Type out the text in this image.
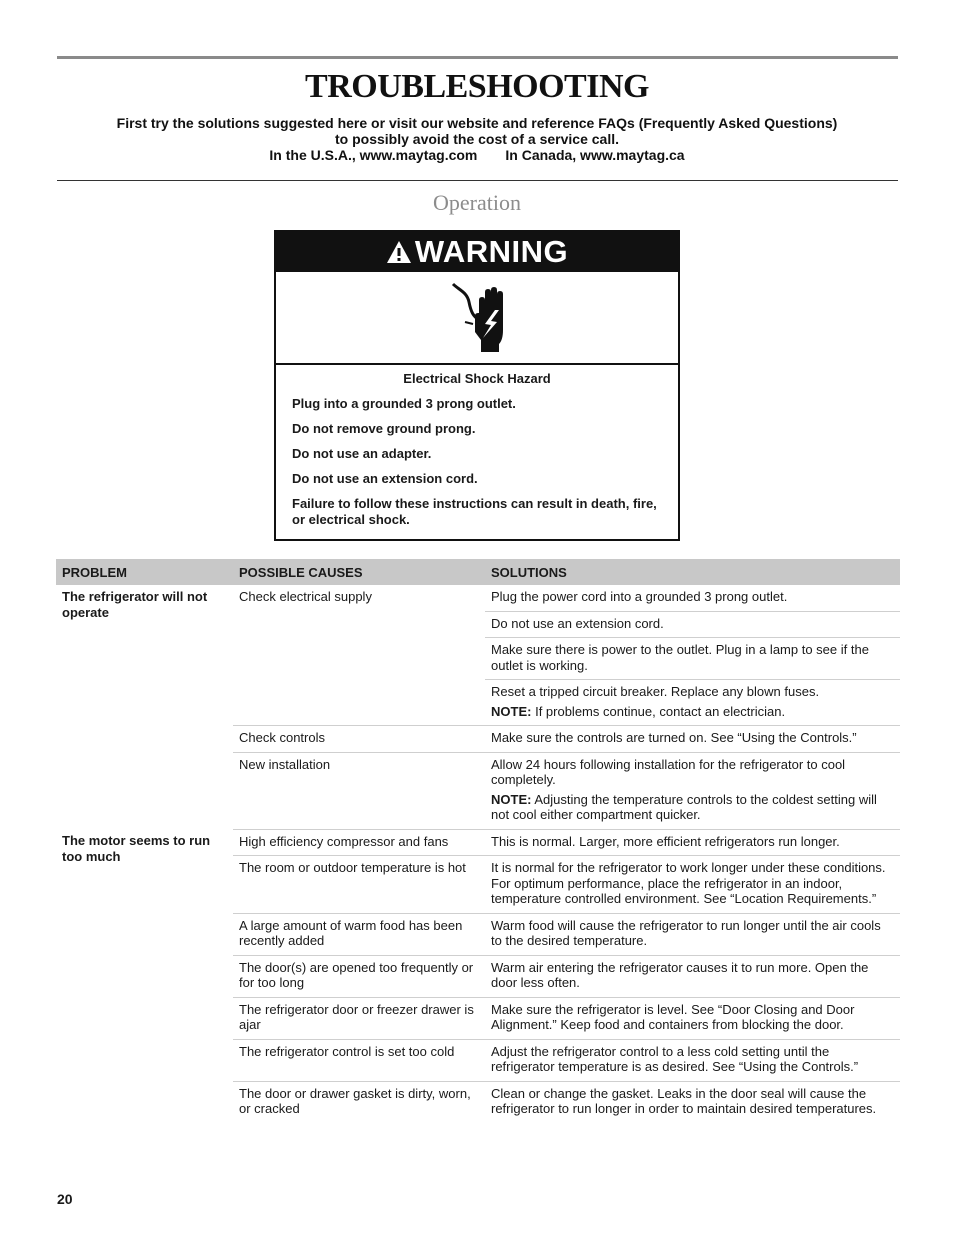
TROUBLESHOOTING
First try the solutions suggested here or visit our website and reference FAQs (Frequently Asked Questions)
to possibly avoid the cost of a service call.
In the U.S.A., www.maytag.com In Canada, www.maytag.ca
Operation
WARNING

Electrical Shock Hazard

Plug into a grounded 3 prong outlet.

Do not remove ground prong.

Do not use an adapter.

Do not use an extension cord.

Failure to follow these instructions can result in death, fire, or electrical shock.

PROBLEM	POSSIBLE CAUSES	SOLUTIONS
The refrigerator will not operate	Check electrical supply	Plug the power cord into a grounded 3 prong outlet.
		Do not use an extension cord.
		Make sure there is power to the outlet. Plug in a lamp to see if the outlet is working.
		Reset a tripped circuit breaker. Replace any blown fuses.
NOTE: If problems continue, contact an electrician.

	Check controls	Make sure the controls are turned on. See “Using the Controls.”
	New installation	Allow 24 hours following installation for the refrigerator to cool completely.
NOTE: Adjusting the temperature controls to the coldest setting will not cool either compartment quicker.

The motor seems to run too much	High efficiency compressor and fans	This is normal. Larger, more efficient refrigerators run longer.
	The room or outdoor temperature is hot	It is normal for the refrigerator to work longer under these conditions. For optimum performance, place the refrigerator in an indoor, temperature controlled environment. See “Location Requirements.”
	A large amount of warm food has been recently added	Warm food will cause the refrigerator to run longer until the air cools to the desired temperature.
	The door(s) are opened too frequently or for too long	Warm air entering the refrigerator causes it to run more. Open the door less often.
	The refrigerator door or freezer drawer is ajar	Make sure the refrigerator is level. See “Door Closing and Door Alignment.” Keep food and containers from blocking the door.
	The refrigerator control is set too cold	Adjust the refrigerator control to a less cold setting until the refrigerator temperature is as desired. See “Using the Controls.”
	The door or drawer gasket is dirty, worn, or cracked	Clean or change the gasket. Leaks in the door seal will cause the refrigerator to run longer in order to maintain desired temperatures.
20
